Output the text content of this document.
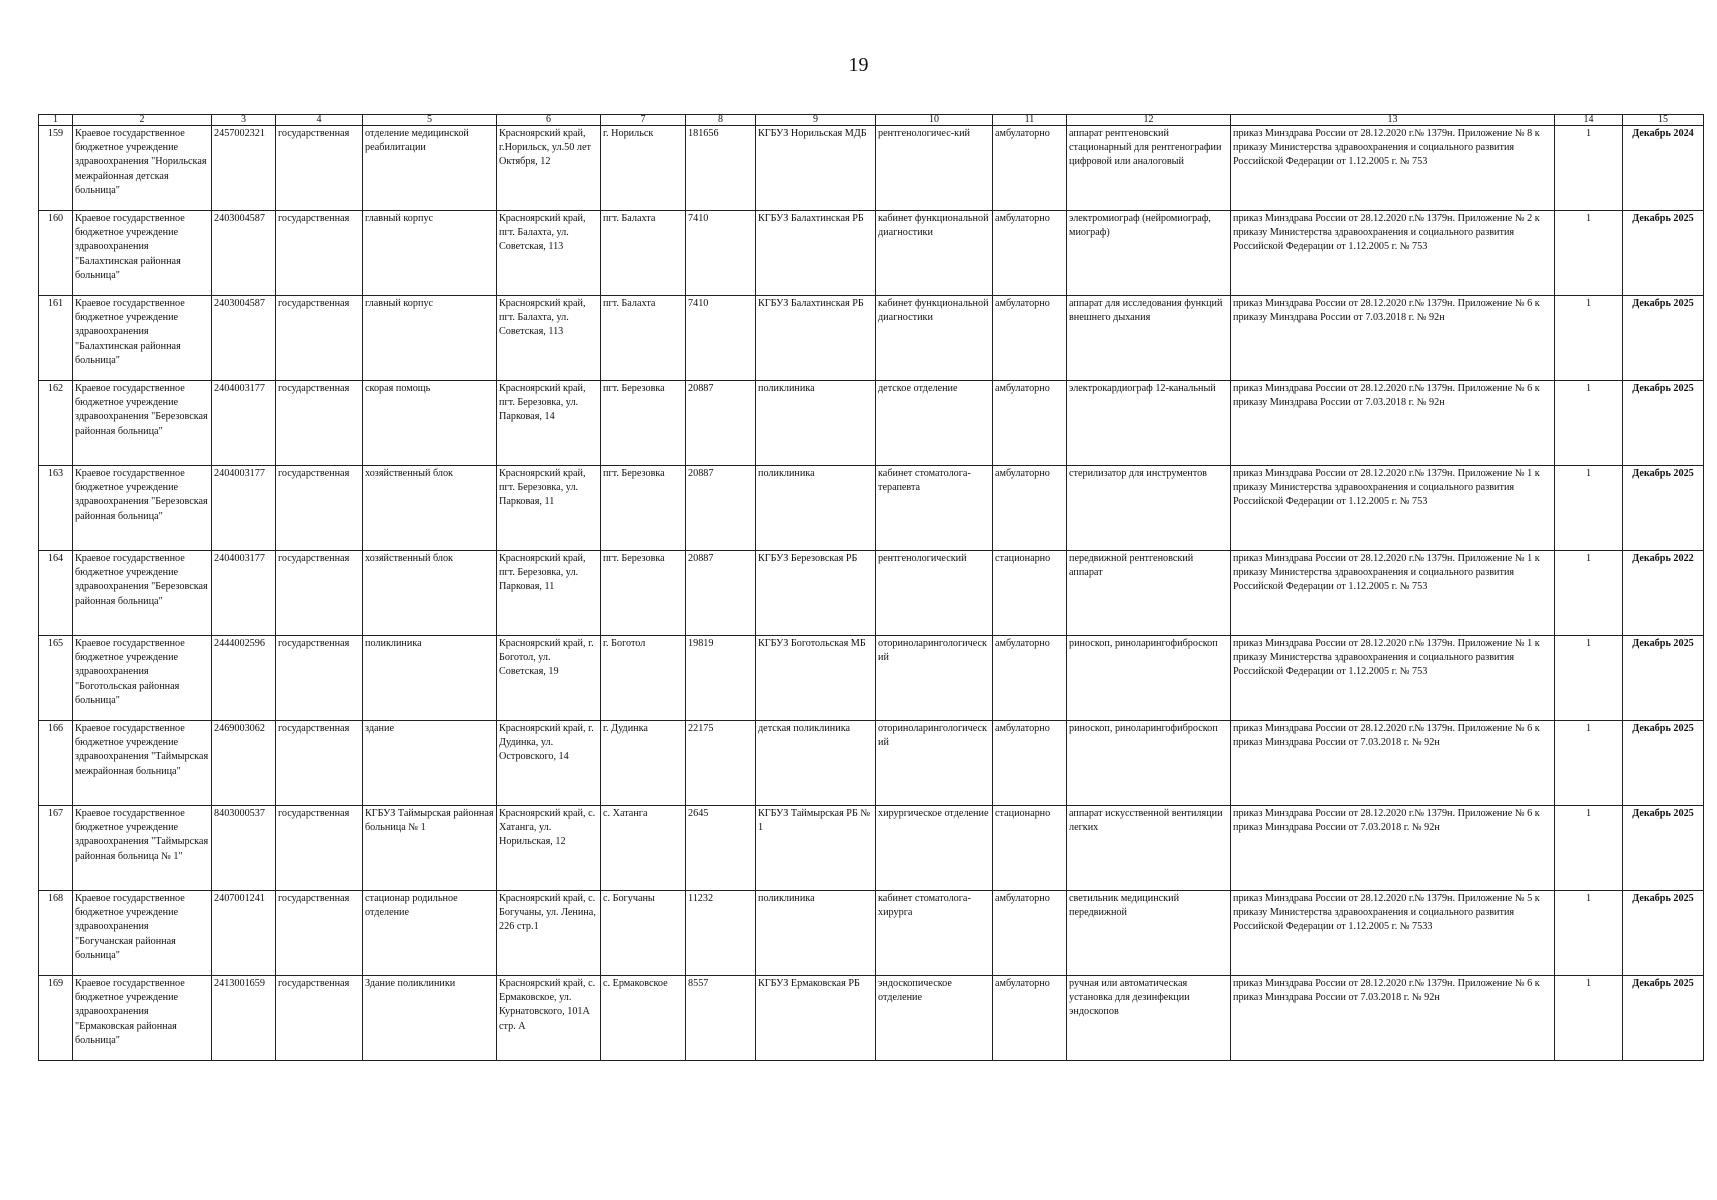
19
1	2	3	4	5	6	7	8	9	10	11	12	13	14	15
159	Краевое государственное бюджетное учреждение здравоохранения "Норильская межрайонная детская больница"	2457002321	государственная	отделение медицинской реабилитации	Красноярский край, г.Норильск, ул.50 лет Октября, 12	г. Норильск	181656	КГБУЗ Норильская МДБ	рентгенологичес-кий	амбулаторно	аппарат рентгеновский стационарный для рентгенографии цифровой или аналоговый	приказ Минздрава России от 28.12.2020 г.№ 1379н. Приложение № 8 к приказу Министерства здравоохранения и социального развития Российской Федерации от 1.12.2005 г. № 753	1	Декабрь 2024
160	Краевое государственное бюджетное учреждение здравоохранения "Балахтинская районная больница"	2403004587	государственная	главный корпус	Красноярский край, пгт. Балахта, ул. Советская, 113	пгт. Балахта	7410	КГБУЗ Балахтинская РБ	кабинет функциональной диагностики	амбулаторно	электромиограф (нейромиограф, миограф)	приказ Минздрава России от 28.12.2020 г.№ 1379н. Приложение № 2 к приказу Министерства здравоохранения и социального развития Российской Федерации от 1.12.2005 г. № 753	1	Декабрь 2025
161	Краевое государственное бюджетное учреждение здравоохранения "Балахтинская районная больница"	2403004587	государственная	главный корпус	Красноярский край, пгт. Балахта, ул. Советская, 113	пгт. Балахта	7410	КГБУЗ Балахтинская РБ	кабинет функциональной диагностики	амбулаторно	аппарат для исследования функций внешнего дыхания	приказ Минздрава России от 28.12.2020 г.№ 1379н. Приложение № 6 к приказу Минздрава России от 7.03.2018 г. № 92н	1	Декабрь 2025
162	Краевое государственное бюджетное учреждение здравоохранения "Березовская районная больница"	2404003177	государственная	скорая помощь	Красноярский край, пгт. Березовка, ул. Парковая, 14	пгт. Березовка	20887	поликлиника	детское отделение	амбулаторно	электрокардиограф 12-канальный	приказ Минздрава России от 28.12.2020 г.№ 1379н. Приложение № 6 к приказу Минздрава России от 7.03.2018 г. № 92н	1	Декабрь 2025
163	Краевое государственное бюджетное учреждение здравоохранения "Березовская районная больница"	2404003177	государственная	хозяйственный блок	Красноярский край, пгт. Березовка, ул. Парковая, 11	пгт. Березовка	20887	поликлиника	кабинет стоматолога-терапевта	амбулаторно	стерилизатор для инструментов	приказ Минздрава России от 28.12.2020 г.№ 1379н. Приложение № 1 к приказу Министерства здравоохранения и социального развития Российской Федерации от 1.12.2005 г. № 753	1	Декабрь 2025
164	Краевое государственное бюджетное учреждение здравоохранения "Березовская районная больница"	2404003177	государственная	хозяйственный блок	Красноярский край, пгт. Березовка, ул. Парковая, 11	пгт. Березовка	20887	КГБУЗ Березовская РБ	рентгенологический	стационарно	передвижной рентгеновский аппарат	приказ Минздрава России от 28.12.2020 г.№ 1379н. Приложение № 1 к приказу Министерства здравоохранения и социального развития Российской Федерации от 1.12.2005 г. № 753	1	Декабрь 2022
165	Краевое государственное бюджетное учреждение здравоохранения "Боготольская районная больница"	2444002596	государственная	поликлиника	Красноярский край, г. Боготол, ул. Советская, 19	г. Боготол	19819	КГБУЗ Боготольская МБ	оториноларингологический	амбулаторно	риноскоп, риноларингофиброскоп	приказ Минздрава России от 28.12.2020 г.№ 1379н. Приложение № 1 к приказу Министерства здравоохранения и социального развития Российской Федерации от 1.12.2005 г. № 753	1	Декабрь 2025
166	Краевое государственное бюджетное учреждение здравоохранения "Таймырская межрайонная больница"	2469003062	государственная	здание	Красноярский край, г. Дудинка, ул. Островского, 14	г. Дудинка	22175	детская поликлиника	оториноларингологический	амбулаторно	риноскоп, риноларингофиброскоп	приказ Минздрава России от 28.12.2020 г.№ 1379н. Приложение № 6 к приказ Минздрава России от 7.03.2018 г. № 92н	1	Декабрь 2025
167	Краевое государственное бюджетное учреждение здравоохранения "Таймырская районная больница № 1"	8403000537	государственная	КГБУЗ Таймырская районная больница № 1	Красноярский край, с. Хатанга, ул. Норильская, 12	с. Хатанга	2645	КГБУЗ Таймырская РБ № 1	хирургическое отделение	стационарно	аппарат искусственной вентиляции легких	приказ Минздрава России от 28.12.2020 г.№ 1379н. Приложение № 6 к приказ Минздрава России от 7.03.2018 г. № 92н	1	Декабрь 2025
168	Краевое государственное бюджетное учреждение здравоохранения "Богучанская районная больница"	2407001241	государственная	стационар родильное отделение	Красноярский край, с. Богучаны, ул. Ленина, 226 стр.1	с. Богучаны	11232	поликлиника	кабинет стоматолога-хирурга	амбулаторно	светильник медицинский передвижной	приказ Минздрава России от 28.12.2020 г.№ 1379н. Приложение № 5 к приказу Министерства здравоохранения и социального развития Российской Федерации от 1.12.2005 г. № 7533	1	Декабрь 2025
169	Краевое государственное бюджетное учреждение здравоохранения "Ермаковская районная больница"	2413001659	государственная	Здание поликлиники	Красноярский край, с. Ермаковское, ул. Курнатовского, 101А стр. А	с. Ермаковское	8557	КГБУЗ Ермаковская РБ	эндоскопическое отделение	амбулаторно	ручная или автоматическая установка для дезинфекции эндоскопов	приказ Минздрава России от 28.12.2020 г.№ 1379н. Приложение № 6 к приказ Минздрава России от 7.03.2018 г. № 92н	1	Декабрь 2025
